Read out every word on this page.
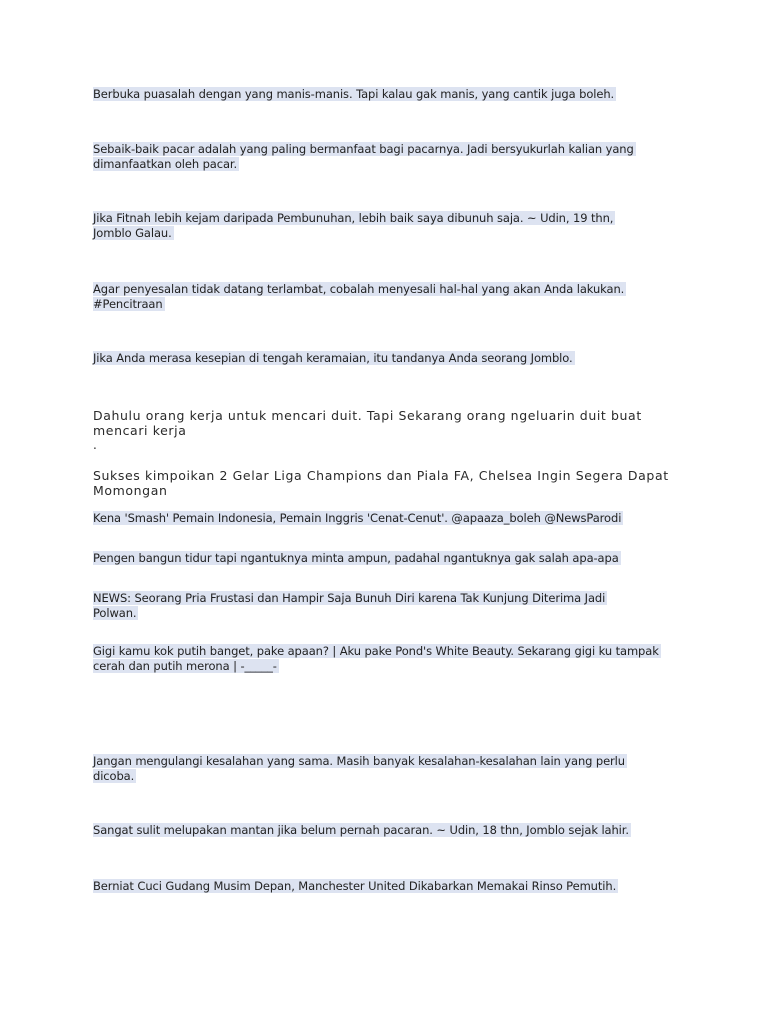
Berbuka puasalah dengan yang manis-manis. Tapi kalau gak manis, yang cantik juga boleh.

Sebaik-baik pacar adalah yang paling bermanfaat bagi pacarnya. Jadi bersyukurlah kalian yang dimanfaatkan oleh pacar.

Jika Fitnah lebih kejam daripada Pembunuhan, lebih baik saya dibunuh saja. ~ Udin, 19 thn, Jomblo Galau.

Agar penyesalan tidak datang terlambat, cobalah menyesali hal-hal yang akan Anda lakukan. #Pencitraan

Jika Anda merasa kesepian di tengah keramaian, itu tandanya Anda seorang Jomblo.

Dahulu orang kerja untuk mencari duit. Tapi Sekarang orang ngeluarin duit buat mencari kerja
.

Sukses kimpoikan 2 Gelar Liga Champions dan Piala FA, Chelsea Ingin Segera Dapat Momongan

Kena 'Smash' Pemain Indonesia, Pemain Inggris 'Cenat-Cenut'. @apaaza_boleh @NewsParodi

Pengen bangun tidur tapi ngantuknya minta ampun, padahal ngantuknya gak salah apa-apa

NEWS: Seorang Pria Frustasi dan Hampir Saja Bunuh Diri karena Tak Kunjung Diterima Jadi Polwan.

Gigi kamu kok putih banget, pake apaan? | Aku pake Pond's White Beauty. Sekarang gigi ku tampak cerah dan putih merona | -_____-

Jangan mengulangi kesalahan yang sama. Masih banyak kesalahan-kesalahan lain yang perlu dicoba.

Sangat sulit melupakan mantan jika belum pernah pacaran. ~ Udin, 18 thn, Jomblo sejak lahir.

Berniat Cuci Gudang Musim Depan, Manchester United Dikabarkan Memakai Rinso Pemutih.
